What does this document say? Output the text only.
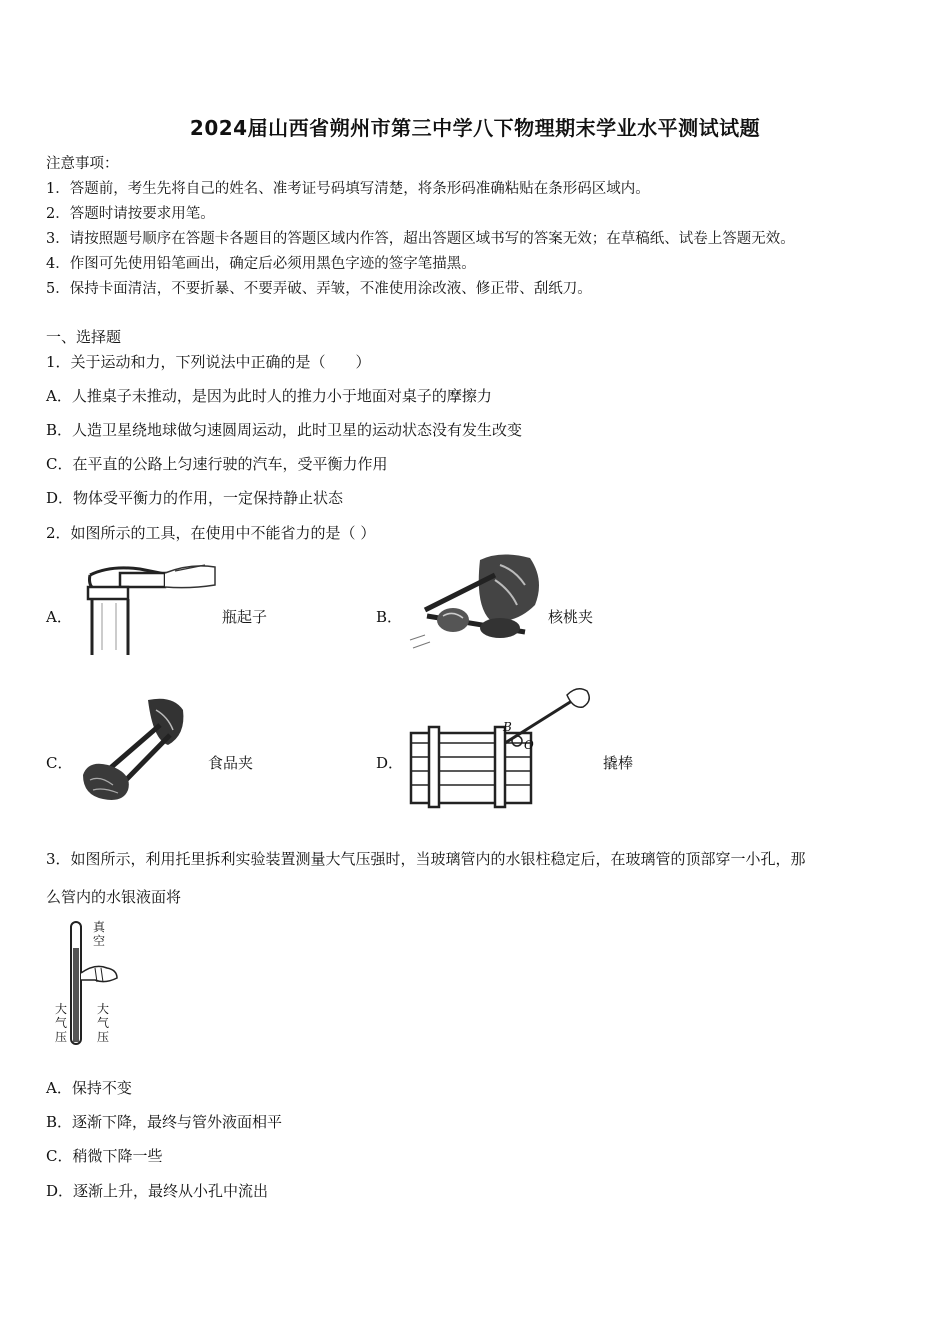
2024届山西省朔州市第三中学八下物理期末学业水平测试试题
注意事项：
1．答题前，考生先将自己的姓名、准考证号码填写清楚，将条形码准确粘贴在条形码区域内。
2．答题时请按要求用笔。
3．请按照题号顺序在答题卡各题目的答题区域内作答，超出答题区域书写的答案无效；在草稿纸、试卷上答题无效。
4．作图可先使用铅笔画出，确定后必须用黑色字迹的签字笔描黑。
5．保持卡面清洁，不要折暴、不要弄破、弄皱，不准使用涂改液、修正带、刮纸刀。
一、选择题
1．关于运动和力，下列说法中正确的是（　　）
A．人推桌子未推动，是因为此时人的推力小于地面对桌子的摩擦力
B．人造卫星绕地球做匀速圆周运动，此时卫星的运动状态没有发生改变
C．在平直的公路上匀速行驶的汽车，受平衡力作用
D．物体受平衡力的作用，一定保持静止状态
2．如图所示的工具，在使用中不能省力的是（ ）
A．	瓶起子	B．	核桃夹
C．	食品夹	D．
B
O
撬棒
3．如图所示，利用托里拆利实验装置测量大气压强时，当玻璃管内的水银柱稳定后，在玻璃管的顶部穿一小孔，那
么管内的水银液面将
真空
大气压
大气压
A．保持不变
B．逐渐下降，最终与管外液面相平
C．稍微下降一些
D．逐渐上升，最终从小孔中流出
